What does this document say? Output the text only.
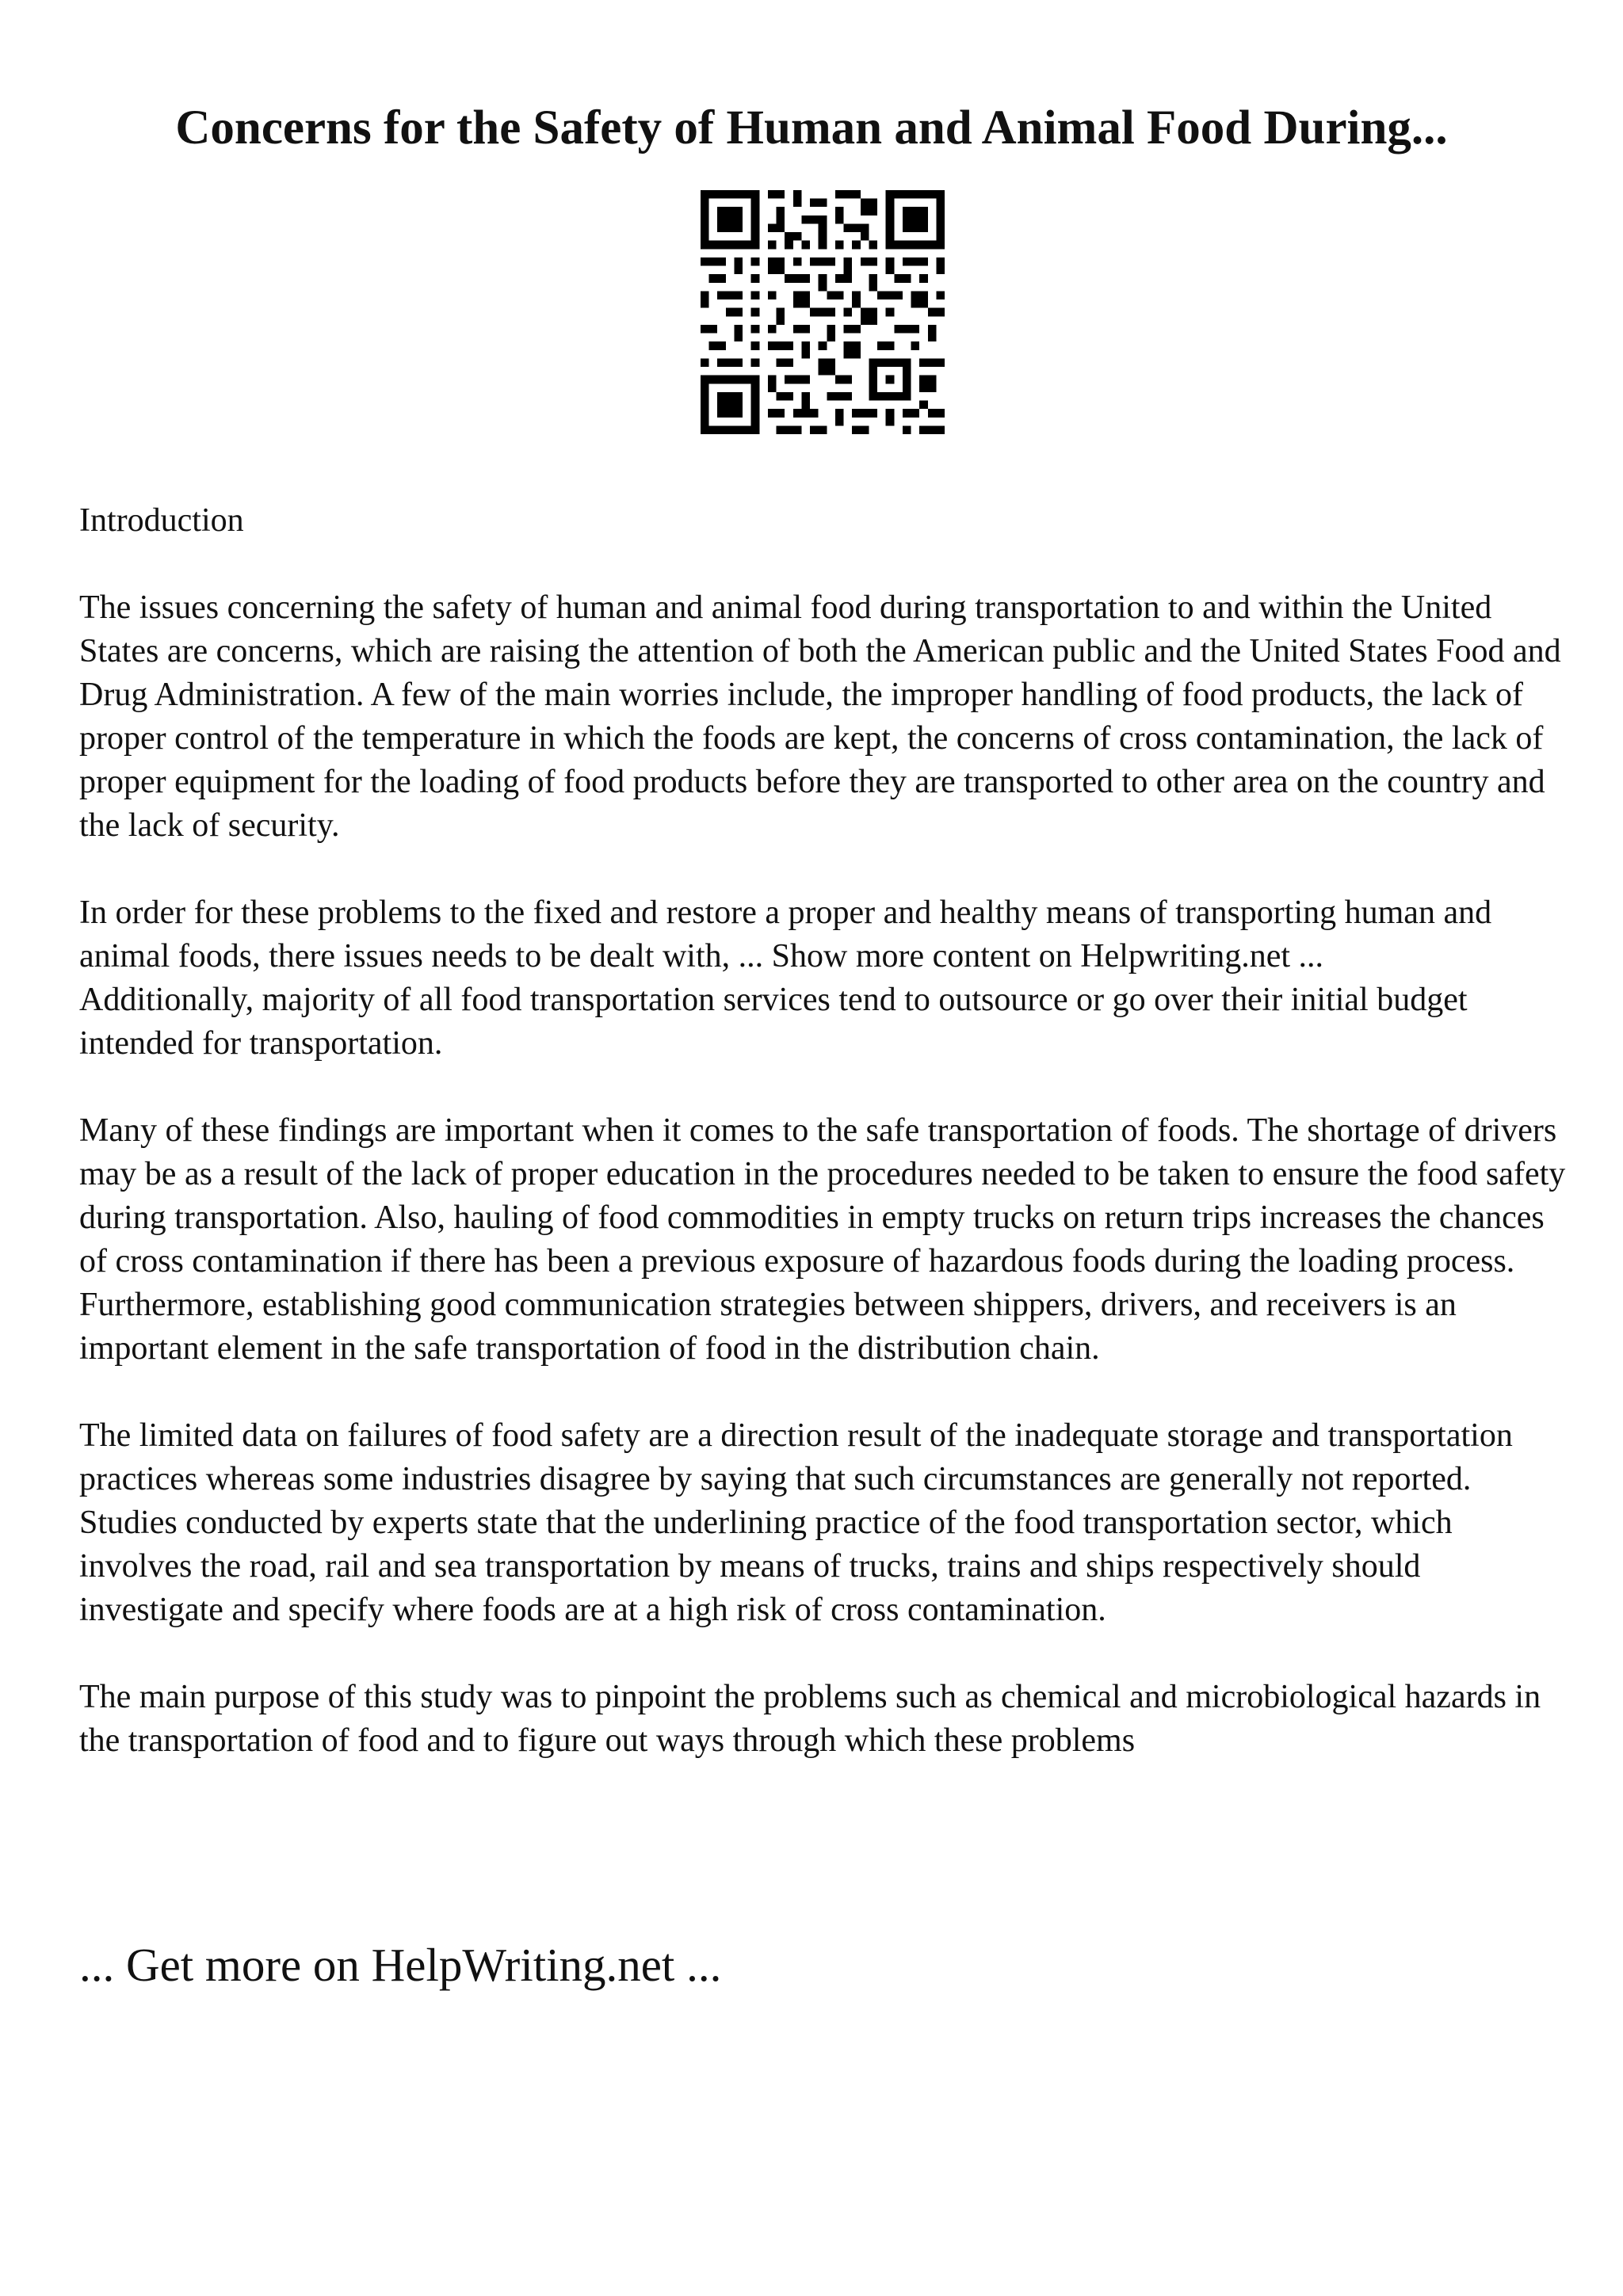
Concerns for the Safety of Human and Animal Food During...

Introduction

The issues concerning the safety of human and animal food during transportation to and within the United States are concerns, which are raising the attention of both the American public and the United States Food and Drug Administration. A few of the main worries include, the improper handling of food products, the lack of proper control of the temperature in which the foods are kept, the concerns of cross contamination, the lack of proper equipment for the loading of food products before they are transported to other area on the country and the lack of security.

In order for these problems to the fixed and restore a proper and healthy means of transporting human and animal foods, there issues needs to be dealt with, ... Show more content on Helpwriting.net ...

Additionally, majority of all food transportation services tend to outsource or go over their initial budget intended for transportation.

Many of these findings are important when it comes to the safe transportation of foods. The shortage of drivers may be as a result of the lack of proper education in the procedures needed to be taken to ensure the food safety during transportation. Also, hauling of food commodities in empty trucks on return trips increases the chances of cross contamination if there has been a previous exposure of hazardous foods during the loading process. Furthermore, establishing good communication strategies between shippers, drivers, and receivers is an important element in the safe transportation of food in the distribution chain.

The limited data on failures of food safety are a direction result of the inadequate storage and transportation practices whereas some industries disagree by saying that such circumstances are generally not reported. Studies conducted by experts state that the underlining practice of the food transportation sector, which involves the road, rail and sea transportation by means of trucks, trains and ships respectively should investigate and specify where foods are at a high risk of cross contamination.

The main purpose of this study was to pinpoint the problems such as chemical and microbiological hazards in the transportation of food and to figure out ways through which these problems

... Get more on HelpWriting.net ...
